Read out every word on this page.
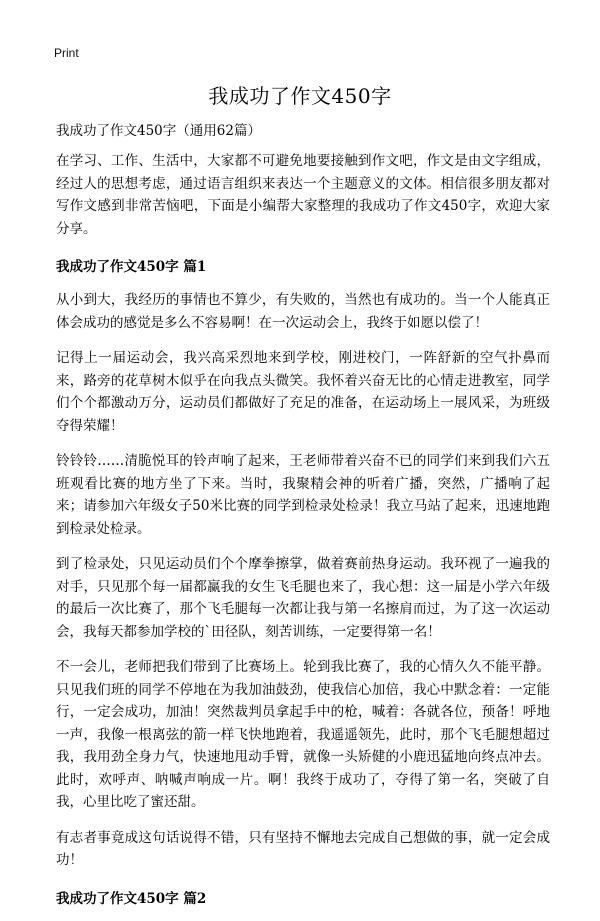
Print
我成功了作文450字

我成功了作文450字（通用62篇）

在学习、工作、生活中，大家都不可避免地要接触到作文吧，作文是由文字组成，经过人的思想考虑，通过语言组织来表达一个主题意义的文体。相信很多朋友都对写作文感到非常苦恼吧，下面是小编帮大家整理的我成功了作文450字，欢迎大家分享。

我成功了作文450字 篇1

从小到大，我经历的事情也不算少，有失败的，当然也有成功的。当一个人能真正体会成功的感觉是多么不容易啊！在一次运动会上，我终于如愿以偿了！

记得上一届运动会，我兴高采烈地来到学校，刚进校门，一阵舒新的空气扑鼻而来，路旁的花草树木似乎在向我点头微笑。我怀着兴奋无比的心情走进教室，同学们个个都激动万分，运动员们都做好了充足的准备，在运动场上一展风采，为班级夺得荣耀！

铃铃铃……清脆悦耳的铃声响了起来，王老师带着兴奋不已的同学们来到我们六五班观看比赛的地方坐了下来。当时，我聚精会神的听着广播，突然，广播响了起来；请参加六年级女子50米比赛的同学到检录处检录！我立马站了起来，迅速地跑到检录处检录。

到了检录处，只见运动员们个个摩拳擦掌，做着赛前热身运动。我环视了一遍我的对手，只见那个每一届都赢我的女生飞毛腿也来了，我心想：这一届是小学六年级的最后一次比赛了，那个飞毛腿每一次都让我与第一名擦肩而过，为了这一次运动会，我每天都参加学校的`田径队，刻苦训练，一定要得第一名！

不一会儿，老师把我们带到了比赛场上。轮到我比赛了，我的心情久久不能平静。只见我们班的同学不停地在为我加油鼓劲，使我信心加倍，我心中默念着：一定能行，一定会成功，加油！突然裁判员拿起手中的枪，喊着：各就各位，预备！呼地一声，我像一根离弦的箭一样飞快地跑着，我遥遥领先，此时，那个飞毛腿想超过我，我用劲全身力气，快速地甩动手臂，就像一头矫健的小鹿迅猛地向终点冲去。此时，欢呼声、呐喊声响成一片。啊！我终于成功了，夺得了第一名，突破了自我，心里比吃了蜜还甜。

有志者事竟成这句话说得不错，只有坚持不懈地去完成自己想做的事，就一定会成功！

我成功了作文450字 篇2
